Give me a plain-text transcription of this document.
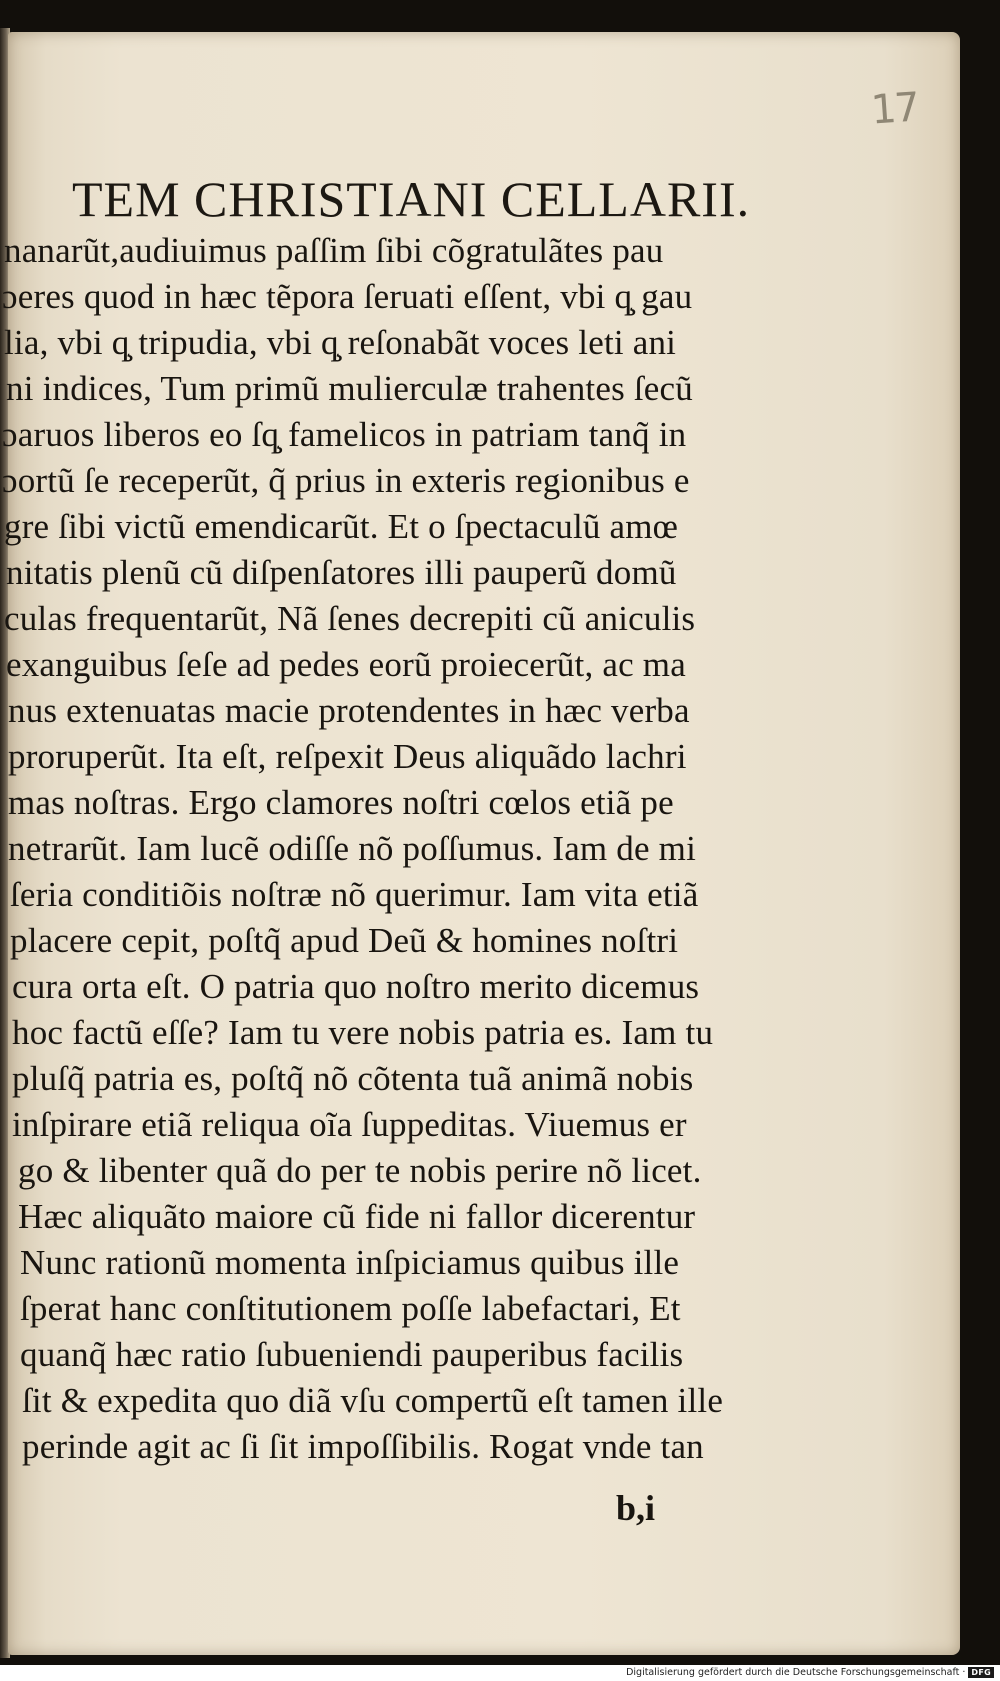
17
TEM CHRISTIANI CELLARII.
nanarũt,audiuimus paſſim ſibi cõgratulãtes pau
ɔeres quod in hæc tẽpora ſeruati eſſent, vbi q̧ gau
lia, vbi q̧ tripudia, vbi q̧ reſonabãt voces leti ani
ni indices, Tum primũ mulierculæ trahentes ſecũ
ɔaruos liberos eo ſq̧ famelicos in patriam tanq̃ in
ɔortũ ſe receperũt, q̃ prius in exteris regionibus e
gre ſibi victũ emendicarũt. Et o ſpectaculũ amœ
nitatis plenũ cũ diſpenſatores illi pauperũ domũ
culas frequentarũt, Nã ſenes decrepiti cũ aniculis
exanguibus ſeſe ad pedes eorũ proiecerũt, ac ma
nus extenuatas macie protendentes in hæc verba
proruperũt. Ita eſt, reſpexit Deus aliquãdo lachri
mas noſtras. Ergo clamores noſtri cœlos etiã pe
netrarũt. Iam lucẽ odiſſe nõ poſſumus. Iam de mi
ſeria conditiõis noſtræ nõ querimur. Iam vita etiã
placere cepit, poſtq̃ apud Deũ & homines noſtri
cura orta eſt. O patria quo noſtro merito dicemus
hoc factũ eſſe? Iam tu vere nobis patria es. Iam tu
pluſq̃ patria es, poſtq̃ nõ cõtenta tuã animã nobis
inſpirare etiã reliqua oĩa ſuppeditas. Viuemus er
go & libenter quã do per te nobis perire nõ licet.
Hæc aliquãto maiore cũ fide ni fallor dicerentur
Nunc rationũ momenta inſpiciamus quibus ille
ſperat hanc conſtitutionem poſſe labefactari, Et
quanq̃ hæc ratio ſubueniendi pauperibus facilis
ſit & expedita quo diã vſu compertũ eſt tamen ille
perinde agit ac ſi ſit impoſſibilis. Rogat vnde tan
b,i
Digitalisierung gefördert durch die Deutsche Forschungsgemeinschaft · DFG
